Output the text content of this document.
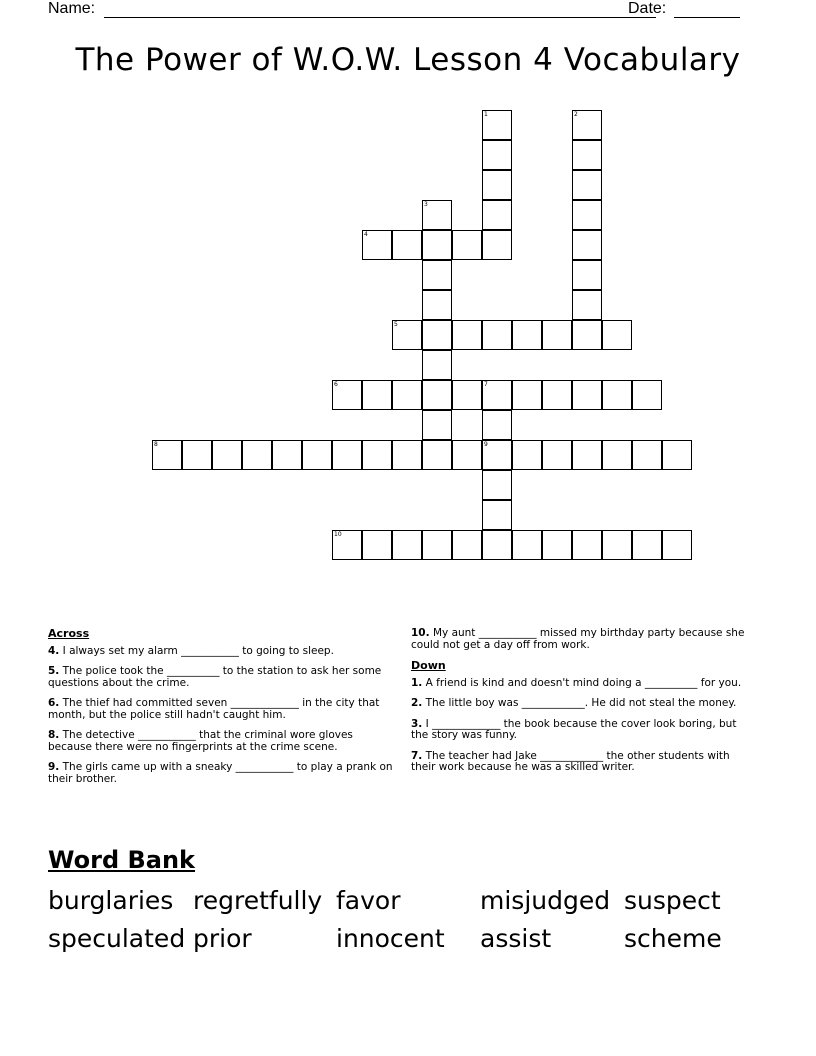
Name:	Date:
The Power of W.O.W. Lesson 4 Vocabulary
4
5
6	7
8	9
10
1	2
3
Across
4. I always set my alarm ___________ to going to sleep.
5. The police took the __________ to the station to ask her some questions about the crime.
6. The thief had committed seven _____________ in the city that month, but the police still hadn't caught him.
8. The detective ___________ that the criminal wore gloves because there were no fingerprints at the crime scene.
9. The girls came up with a sneaky ___________ to play a prank on their brother.
10. My aunt ___________ missed my birthday party because she could not get a day off from work.
Down
1. A friend is kind and doesn't mind doing a __________ for you.
2. The little boy was ____________. He did not steal the money.
3. I _____________ the book because the cover look boring, but the story was funny.
7. The teacher had Jake ____________ the other students with their work because he was a skilled writer.
Word Bank
burglaries regretfully favor	misjudged suspect
speculated prior	innocent assist	scheme
